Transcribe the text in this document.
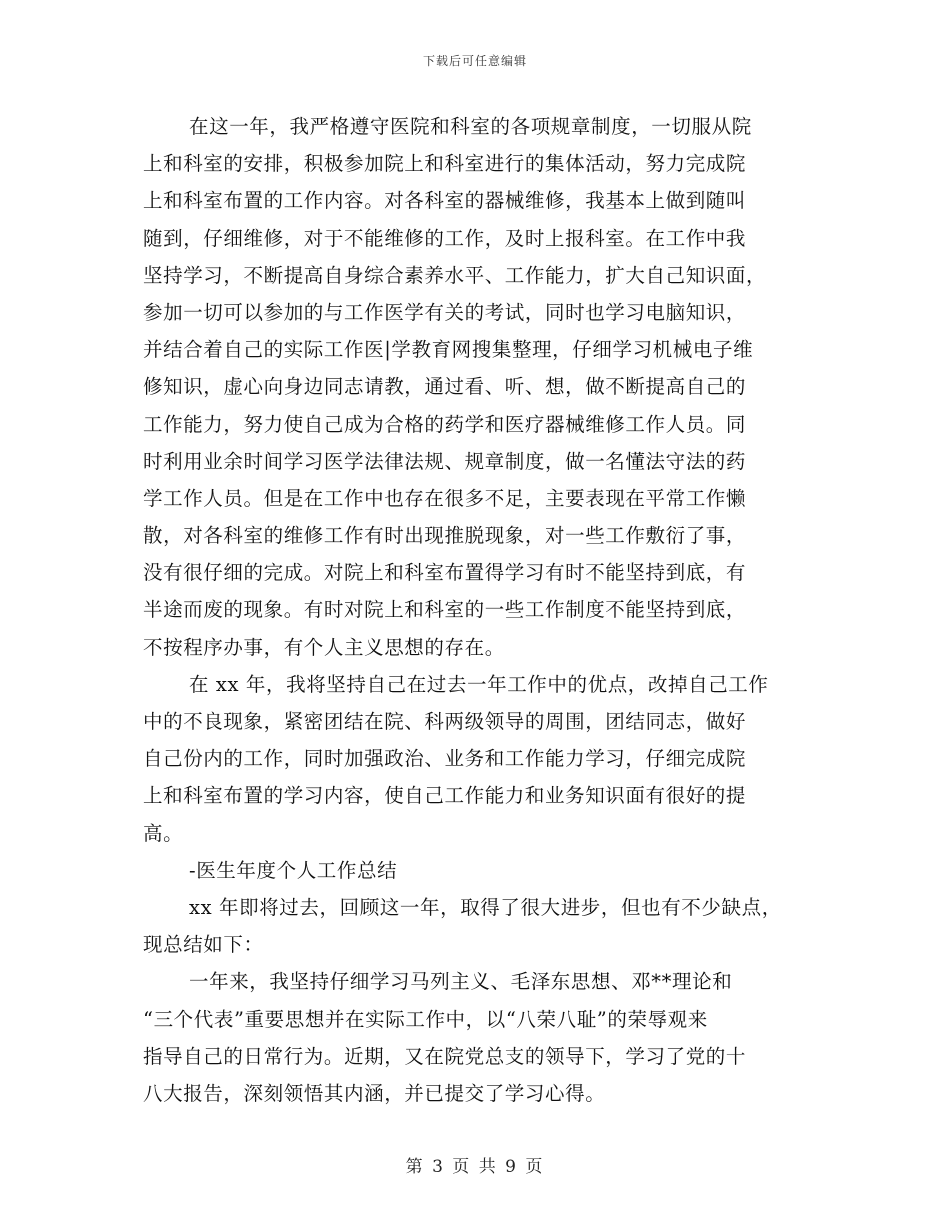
下载后可任意编辑
在这一年，我严格遵守医院和科室的各项规章制度，一切服从院
上和科室的安排，积极参加院上和科室进行的集体活动，努力完成院
上和科室布置的工作内容。对各科室的器械维修，我基本上做到随叫
随到，仔细维修，对于不能维修的工作，及时上报科室。在工作中我
坚持学习，不断提高自身综合素养水平、工作能力，扩大自己知识面，
参加一切可以参加的与工作医学有关的考试，同时也学习电脑知识，
并结合着自己的实际工作医|学教育网搜集整理，仔细学习机械电子维
修知识，虚心向身边同志请教，通过看、听、想，做不断提高自己的
工作能力，努力使自己成为合格的药学和医疗器械维修工作人员。同
时利用业余时间学习医学法律法规、规章制度，做一名懂法守法的药
学工作人员。但是在工作中也存在很多不足，主要表现在平常工作懒
散，对各科室的维修工作有时出现推脱现象，对一些工作敷衍了事，
没有很仔细的完成。对院上和科室布置得学习有时不能坚持到底，有
半途而废的现象。有时对院上和科室的一些工作制度不能坚持到底，
不按程序办事，有个人主义思想的存在。
在 xx 年，我将坚持自己在过去一年工作中的优点，改掉自己工作
中的不良现象，紧密团结在院、科两级领导的周围，团结同志，做好
自己份内的工作，同时加强政治、业务和工作能力学习，仔细完成院
上和科室布置的学习内容，使自己工作能力和业务知识面有很好的提
高。
-医生年度个人工作总结
xx 年即将过去，回顾这一年，取得了很大进步，但也有不少缺点，
现总结如下：
一年来，我坚持仔细学习马列主义、毛泽东思想、邓**理论和
“三个代表”重要思想并在实际工作中，以“八荣八耻”的荣辱观来
指导自己的日常行为。近期，又在院党总支的领导下，学习了党的十
八大报告，深刻领悟其内涵，并已提交了学习心得。
第 3 页 共 9 页
